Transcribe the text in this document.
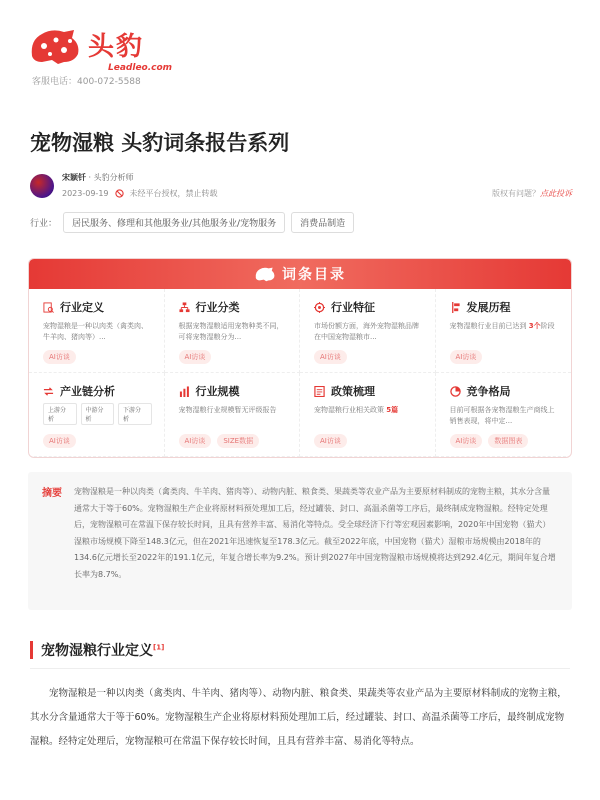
头豹
Leadleo.com
客服电话：400-072-5588
宠物湿粮 头豹词条报告系列
宋颖钎 · 头豹分析师
2023-09-19	未经平台授权，禁止转载	版权有问题？点此投诉
行业：	居民服务、修理和其他服务业/其他服务业/宠物服务	消费品制造
词条目录
行业定义
宠物湿粮是一种以肉类（禽类肉、牛羊肉、猪肉等）...
AI访谈
行业分类
根据宠物湿粮适用宠物种类不同，可将宠物湿粮分为...
AI访谈
行业特征
市场份额方面，海外宠物湿粮品牌在中国宠物湿粮市...
AI访谈
发展历程
宠物湿粮行业目前已达到 3个阶段
AI访谈
产业链分析
上游分析
中游分析
下游分析
AI访谈
行业规模
宠物湿粮行业规模暂无评级报告
AI访谈	SIZE数据
政策梳理
宠物湿粮行业相关政策 5篇
AI访谈
竞争格局
目前可根据各宠物湿粮生产商线上销售表现，将中定...
AI访谈	数据图表
摘要 宠物湿粮是一种以肉类（禽类肉、牛羊肉、猪肉等）、动物内脏、粮食类、果蔬类等农业产品为主要原材料制成的宠物主粮，其水分含量通常大于等于60%。宠物湿粮生产企业将原材料预处理加工后，经过罐装、封口、高温杀菌等工序后，最终制成宠物湿粮。经特定处理后，宠物湿粮可在常温下保存较长时间，且具有营养丰富、易消化等特点。受全球经济下行等宏观因素影响，2020年中国宠物（猫犬）湿粮市场规模下降至148.3亿元，但在2021年迅速恢复至178.3亿元。截至2022年底，中国宠物（猫犬）湿粮市场规模由2018年的134.6亿元增长至2022年的191.1亿元，年复合增长率为9.2%。预计到2027年中国宠物湿粮市场规模将达到292.4亿元，期间年复合增长率为8.7%。
宠物湿粮行业定义[1]
宠物湿粮是一种以肉类（禽类肉、牛羊肉、猪肉等）、动物内脏、粮食类、果蔬类等农业产品为主要原材料制成的宠物主粮，其水分含量通常大于等于60%。宠物湿粮生产企业将原材料预处理加工后，经过罐装、封口、高温杀菌等工序后，最终制成宠物湿粮。经特定处理后，宠物湿粮可在常温下保存较长时间，且具有营养丰富、易消化等特点。
